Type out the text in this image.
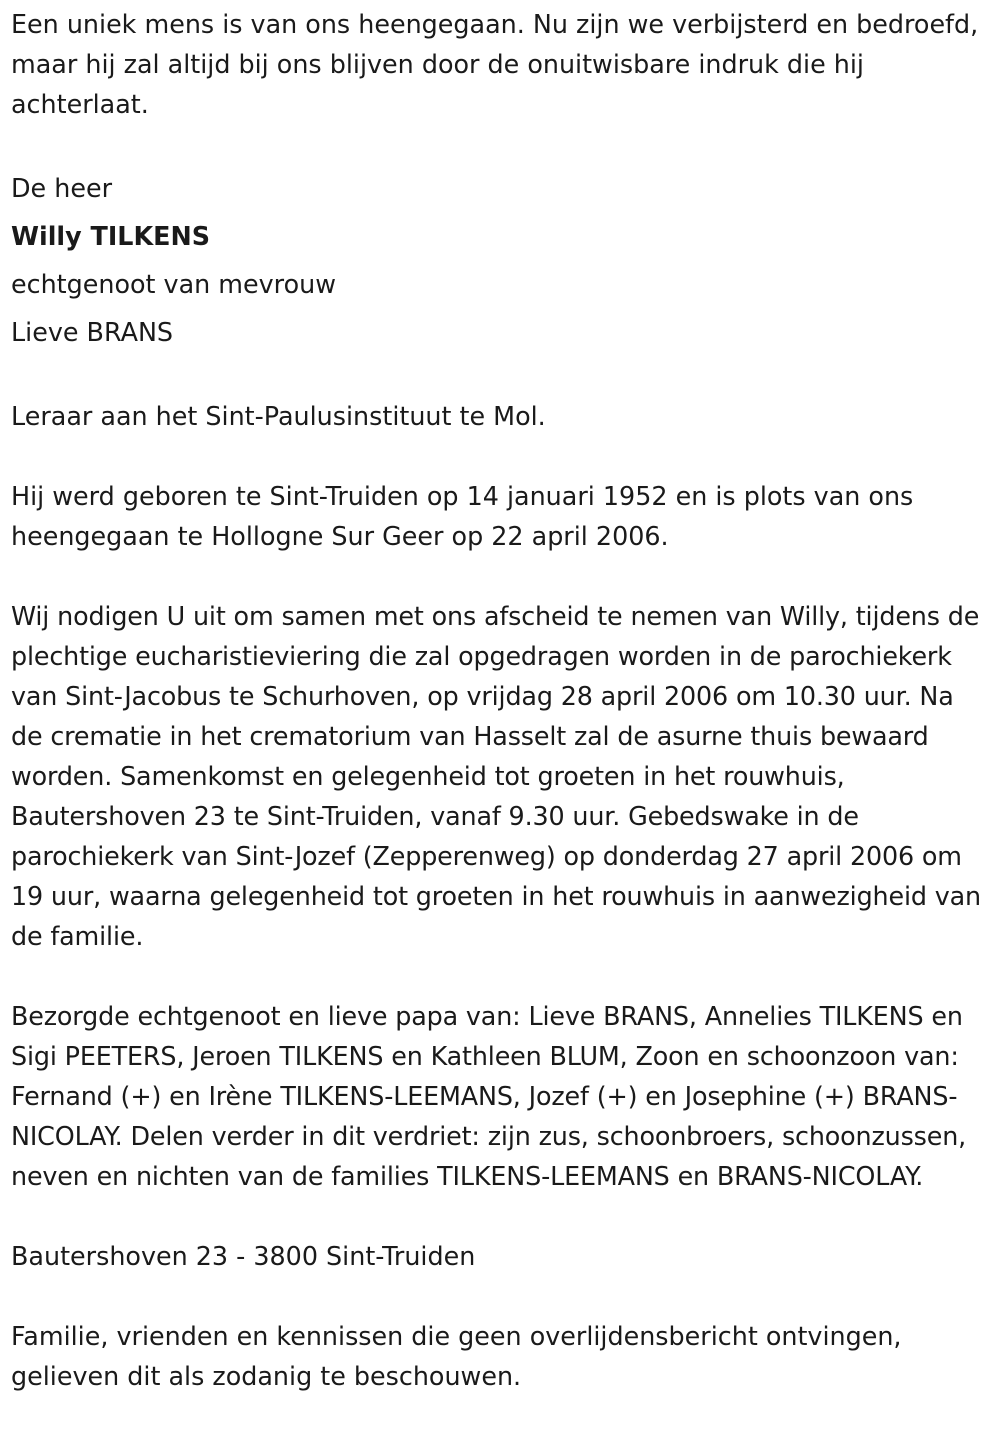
Een uniek mens is van ons heengegaan. Nu zijn we verbijsterd en bedroefd, maar hij zal altijd bij ons blijven door de onuitwisbare indruk die hij achterlaat.

De heer

Willy TILKENS

echtgenoot van mevrouw

Lieve BRANS

Leraar aan het Sint-Paulusinstituut te Mol.

Hij werd geboren te Sint-Truiden op 14 januari 1952 en is plots van ons heengegaan te Hollogne Sur Geer op 22 april 2006.

Wij nodigen U uit om samen met ons afscheid te nemen van Willy, tijdens de plechtige eucharistieviering die zal opgedragen worden in de parochiekerk van Sint-Jacobus te Schurhoven, op vrijdag 28 april 2006 om 10.30 uur. Na de crematie in het crematorium van Hasselt zal de asurne thuis bewaard worden. Samenkomst en gelegenheid tot groeten in het rouwhuis, Bautershoven 23 te Sint-Truiden, vanaf 9.30 uur. Gebedswake in de parochiekerk van Sint-Jozef (Zepperenweg) op donderdag 27 april 2006 om 19 uur, waarna gelegenheid tot groeten in het rouwhuis in aanwezigheid van de familie.

Bezorgde echtgenoot en lieve papa van: Lieve BRANS, Annelies TILKENS en Sigi PEETERS, Jeroen TILKENS en Kathleen BLUM, Zoon en schoonzoon van: Fernand (+) en Irène TILKENS-LEEMANS, Jozef (+) en Josephine (+) BRANS-NICOLAY. Delen verder in dit verdriet: zijn zus, schoonbroers, schoonzussen, neven en nichten van de families TILKENS-LEEMANS en BRANS-NICOLAY.

Bautershoven 23 - 3800 Sint-Truiden

Familie, vrienden en kennissen die geen overlijdensbericht ontvingen, gelieven dit als zodanig te beschouwen.
